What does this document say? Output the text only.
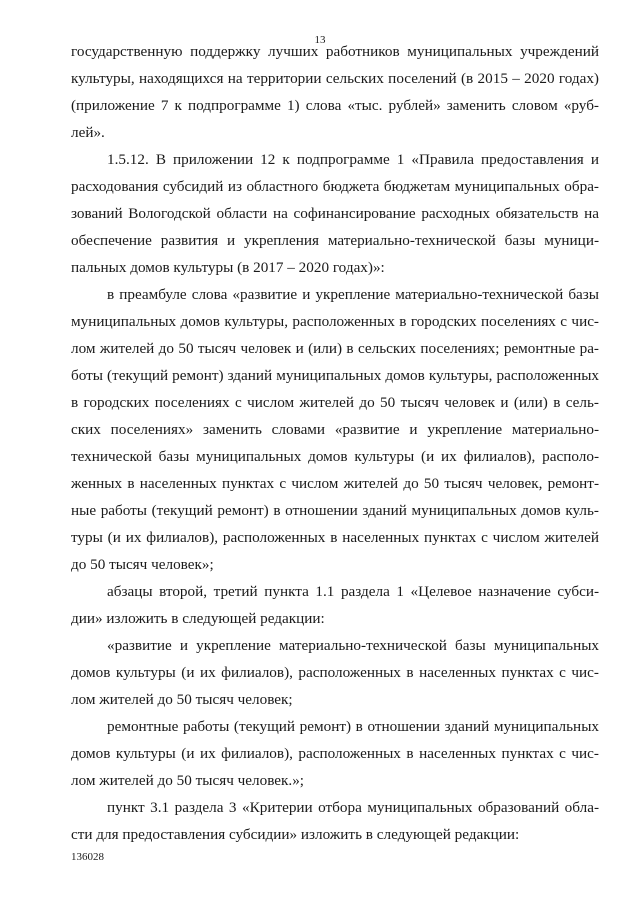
13
государственную поддержку лучших работников муниципальных учреждений
культуры, находящихся на территории сельских поселений (в 2015 – 2020 годах)
(приложение 7 к подпрограмме 1) слова «тыс. рублей» заменить словом «руб-
лей».
1.5.12. В приложении 12 к подпрограмме 1 «Правила предоставления и
расходования субсидий из областного бюджета бюджетам муниципальных обра-
зований Вологодской области на софинансирование расходных обязательств на
обеспечение развития и укрепления материально-технической базы муници-
пальных домов культуры (в 2017 – 2020 годах)»:
в преамбуле слова «развитие и укрепление материально-технической базы
муниципальных домов культуры, расположенных в городских поселениях с чис-
лом жителей до 50 тысяч человек и (или) в сельских поселениях; ремонтные ра-
боты (текущий ремонт) зданий муниципальных домов культуры, расположенных
в городских поселениях с числом жителей до 50 тысяч человек и (или) в сель-
ских поселениях» заменить словами «развитие и укрепление материально-
технической базы муниципальных домов культуры (и их филиалов), располо-
женных в населенных пунктах с числом жителей до 50 тысяч человек, ремонт-
ные работы (текущий ремонт) в отношении зданий муниципальных домов куль-
туры (и их филиалов), расположенных в населенных пунктах с числом жителей
до 50 тысяч человек»;
абзацы второй, третий пункта 1.1 раздела 1 «Целевое назначение субси-
дии» изложить в следующей редакции:
«развитие и укрепление материально-технической базы муниципальных
домов культуры (и их филиалов), расположенных в населенных пунктах с чис-
лом жителей до 50 тысяч человек;
ремонтные работы (текущий ремонт) в отношении зданий муниципальных
домов культуры (и их филиалов), расположенных в населенных пунктах с чис-
лом жителей до 50 тысяч человек.»;
пункт 3.1 раздела 3 «Критерии отбора муниципальных образований обла-
сти для предоставления субсидии» изложить в следующей редакции:
136028
